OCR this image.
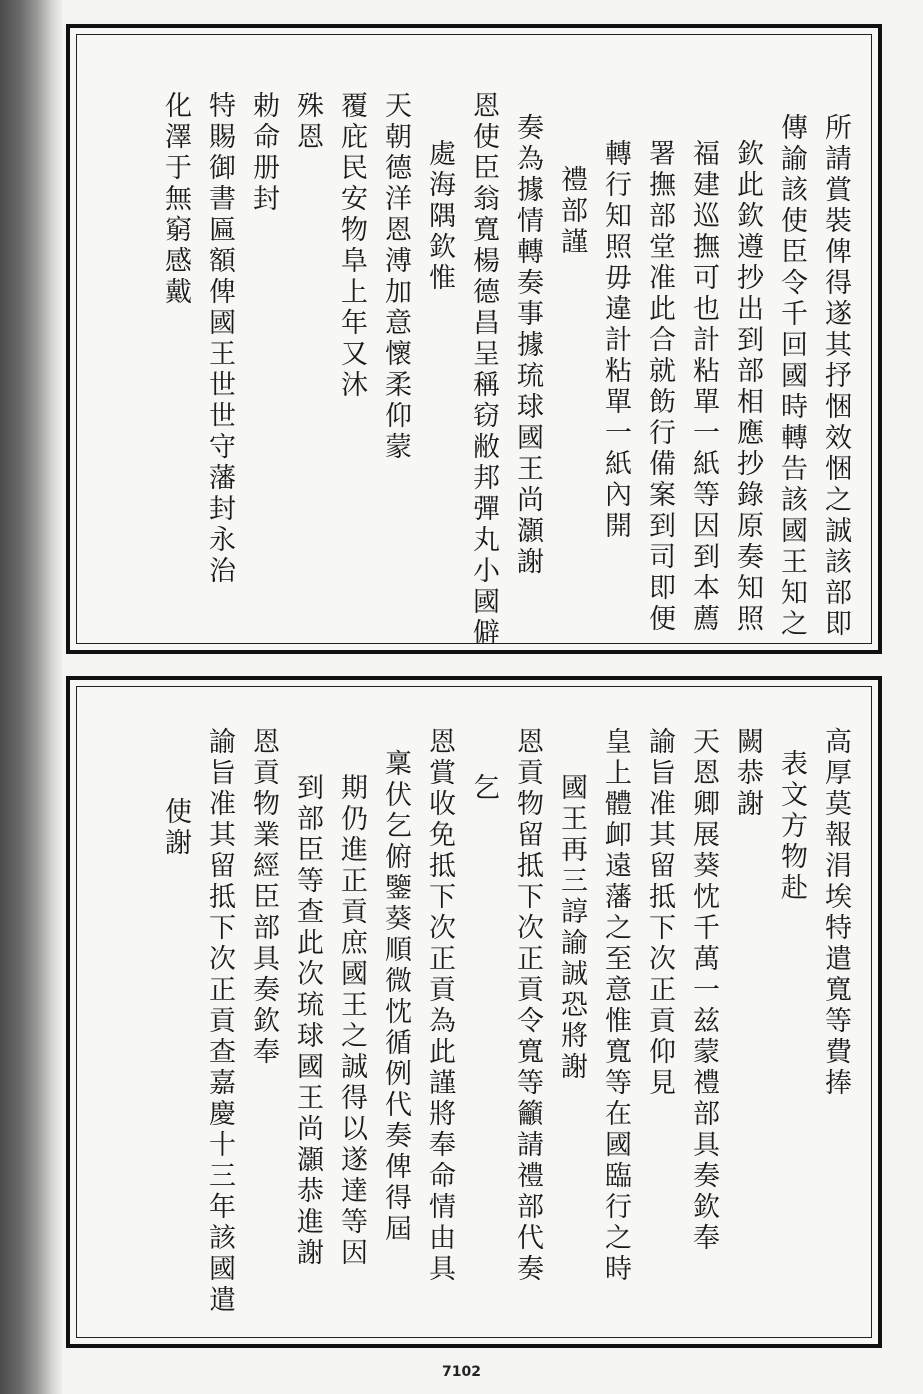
所請賞裝俾得遂其抒悃效悃之誠該部即
傳諭該使臣令千回國時轉告該國王知之
欽此欽遵抄出到部相應抄錄原奏知照
福建巡撫可也計粘單一紙等因到本薦
署撫部堂准此合就飭行備案到司即便
轉行知照毋違計粘單一紙內開
禮部謹
奏為據情轉奏事據琉球國王尚灝謝
恩使臣翁寬楊德昌呈稱窃敝邦彈丸小國僻
處海隅欽惟
天朝德洋恩溥加意懷柔仰蒙
覆庇民安物阜上年又沐
殊恩
勅命册封
特賜御書匾額俾國王世世守藩封永治
化澤于無窮感戴
高厚莫報涓埃特遣寬等費捧
表文方物赴
闕恭謝
天恩卿展葵忱千萬一兹蒙禮部具奏欽奉
諭旨准其留抵下次正貢仰見
皇上體卹遠藩之至意惟寬等在國臨行之時
國王再三諄諭誠恐將謝
恩貢物留抵下次正貢令寬等籲請禮部代奏
乞
恩賞收免抵下次正貢為此謹將奉命情由具
稟伏乞俯鑒葵順微忱循例代奏俾得屆
期仍進正貢庶國王之誠得以遂達等因
到部臣等查此次琉球國王尚灝恭進謝
恩貢物業經臣部具奏欽奉
諭旨准其留抵下次正貢查嘉慶十三年該國遣
使謝
7102
